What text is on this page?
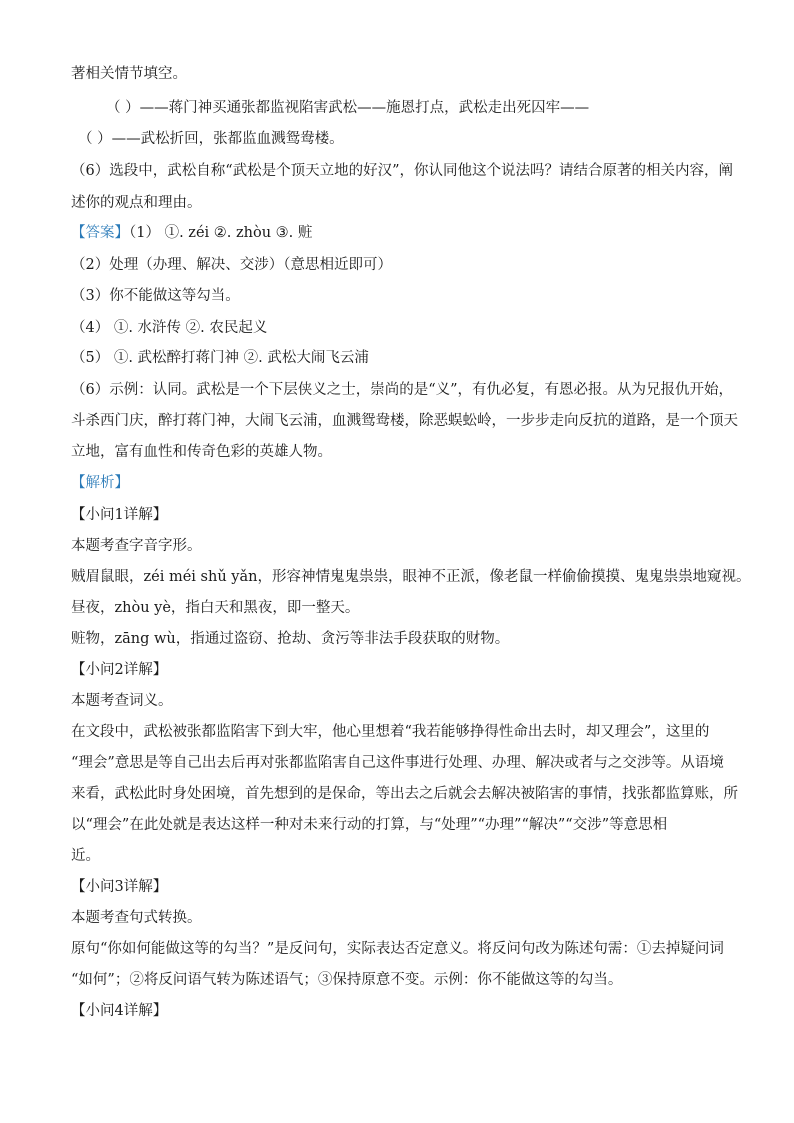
著相关情节填空。
（ ）——蒋门神买通张都监视陷害武松——施恩打点，武松走出死囚牢——
（ ）——武松折回，张都监血溅鸳鸯楼。
（6）选段中，武松自称“武松是个顶天立地的好汉”，你认同他这个说法吗？请结合原著的相关内容，阐
述你的观点和理由。
【答案】（1） ①. zéi ②. zhòu ③. 赃
（2）处理（办理、解决、交涉）（意思相近即可）
（3）你不能做这等勾当。
（4） ①. 水浒传 ②. 农民起义
（5） ①. 武松醉打蒋门神 ②. 武松大闹飞云浦
（6）示例：认同。武松是一个下层侠义之士，崇尚的是“义”，有仇必复，有恩必报。从为兄报仇开始，
斗杀西门庆，醉打蒋门神，大闹飞云浦，血溅鸳鸯楼，除恶蜈蚣岭，一步步走向反抗的道路，是一个顶天
立地，富有血性和传奇色彩的英雄人物。
【解析】
【小问1详解】
本题考查字音字形。
贼眉鼠眼，zéi méi shǔ yǎn，形容神情鬼鬼祟祟，眼神不正派，像老鼠一样偷偷摸摸、鬼鬼祟祟地窥视。
昼夜，zhòu yè，指白天和黑夜，即一整天。
赃物，zāng wù，指通过盗窃、抢劫、贪污等非法手段获取的财物。
【小问2详解】
本题考查词义。
在文段中，武松被张都监陷害下到大牢，他心里想着“我若能够挣得性命出去时，却又理会”，这里的
“理会”意思是等自己出去后再对张都监陷害自己这件事进行处理、办理、解决或者与之交涉等。从语境
来看，武松此时身处困境，首先想到的是保命，等出去之后就会去解决被陷害的事情，找张都监算账，所
以“理会”在此处就是表达这样一种对未来行动的打算，与“处理”“办理”“解决”“交涉”等意思相
近。
【小问3详解】
本题考查句式转换。
原句“你如何能做这等的勾当？”是反问句，实际表达否定意义。将反问句改为陈述句需：①去掉疑问词
“如何”；②将反问语气转为陈述语气；③保持原意不变。示例：你不能做这等的勾当。
【小问4详解】
